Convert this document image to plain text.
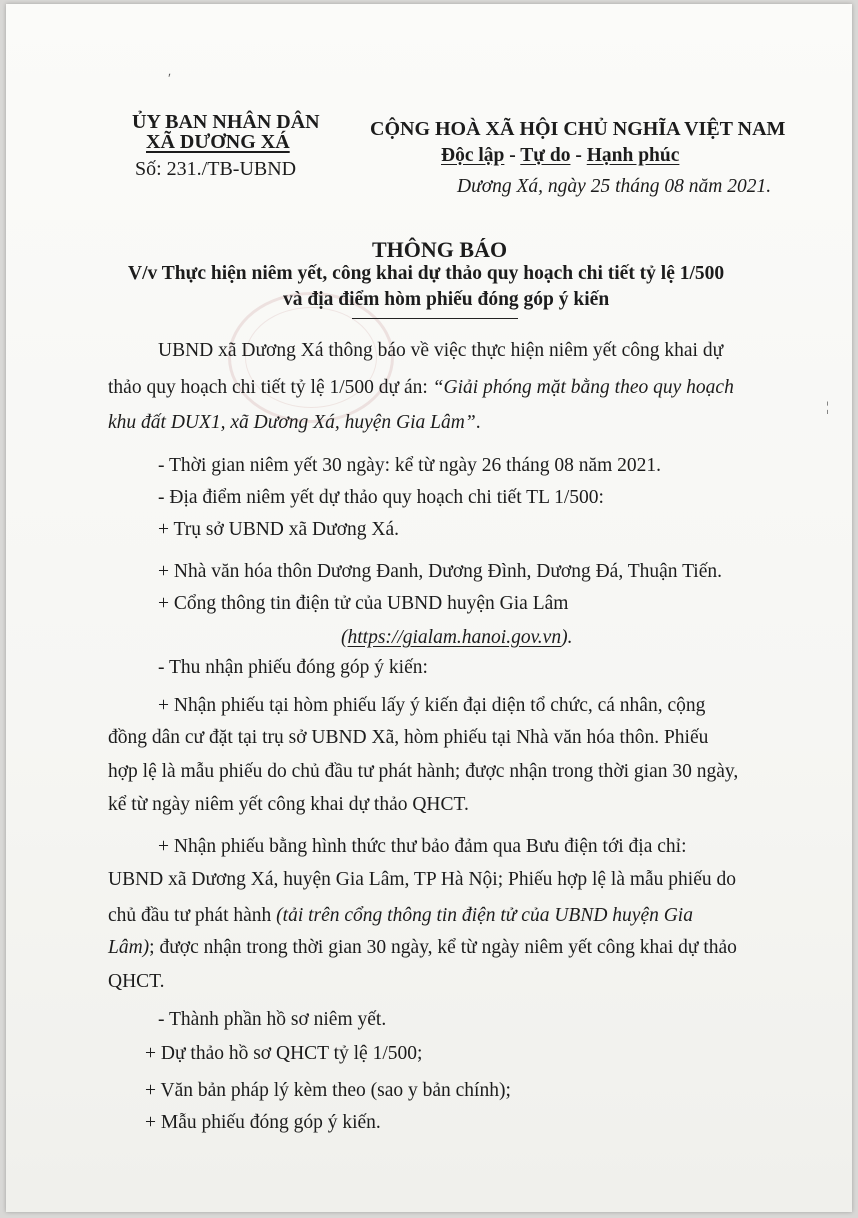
ʹ
¦
ỦY BAN NHÂN DÂN
XÃ DƯƠNG XÁ
Số: 231./TB-UBND
CỘNG HOÀ XÃ HỘI CHỦ NGHĨA VIỆT NAM
Độc lập - Tự do - Hạnh phúc
Dương Xá, ngày 25 tháng 08 năm 2021.
THÔNG BÁO
V/v Thực hiện niêm yết, công khai dự thảo quy hoạch chi tiết tỷ lệ 1/500
và địa điểm hòm phiếu đóng góp ý kiến
UBND xã Dương Xá thông báo về việc thực hiện niêm yết công khai dự
thảo quy hoạch chi tiết tỷ lệ 1/500 dự án: “Giải phóng mặt bằng theo quy hoạch
khu đất DUX1, xã Dương Xá, huyện Gia Lâm”.
- Thời gian niêm yết 30 ngày: kể từ ngày 26 tháng 08 năm 2021.
- Địa điểm niêm yết dự thảo quy hoạch chi tiết TL 1/500:
+ Trụ sở UBND xã Dương Xá.
+ Nhà văn hóa thôn Dương Đanh, Dương Đình, Dương Đá, Thuận Tiến.
+ Cổng thông tin điện tử của UBND huyện Gia Lâm
(https://gialam.hanoi.gov.vn).
- Thu nhận phiếu đóng góp ý kiến:
+ Nhận phiếu tại hòm phiếu lấy ý kiến đại diện tổ chức, cá nhân, cộng
đồng dân cư đặt tại trụ sở UBND Xã, hòm phiếu tại Nhà văn hóa thôn. Phiếu
hợp lệ là mẫu phiếu do chủ đầu tư phát hành; được nhận trong thời gian 30 ngày,
kể từ ngày niêm yết công khai dự thảo QHCT.
+ Nhận phiếu bằng hình thức thư bảo đảm qua Bưu điện tới địa chỉ:
UBND xã Dương Xá, huyện Gia Lâm, TP Hà Nội; Phiếu hợp lệ là mẫu phiếu do
chủ đầu tư phát hành (tải trên cổng thông tin điện tử của UBND huyện Gia
Lâm); được nhận trong thời gian 30 ngày, kể từ ngày niêm yết công khai dự thảo
QHCT.
- Thành phần hồ sơ niêm yết.
+ Dự thảo hồ sơ QHCT tỷ lệ 1/500;
+ Văn bản pháp lý kèm theo (sao y bản chính);
+ Mẫu phiếu đóng góp ý kiến.
